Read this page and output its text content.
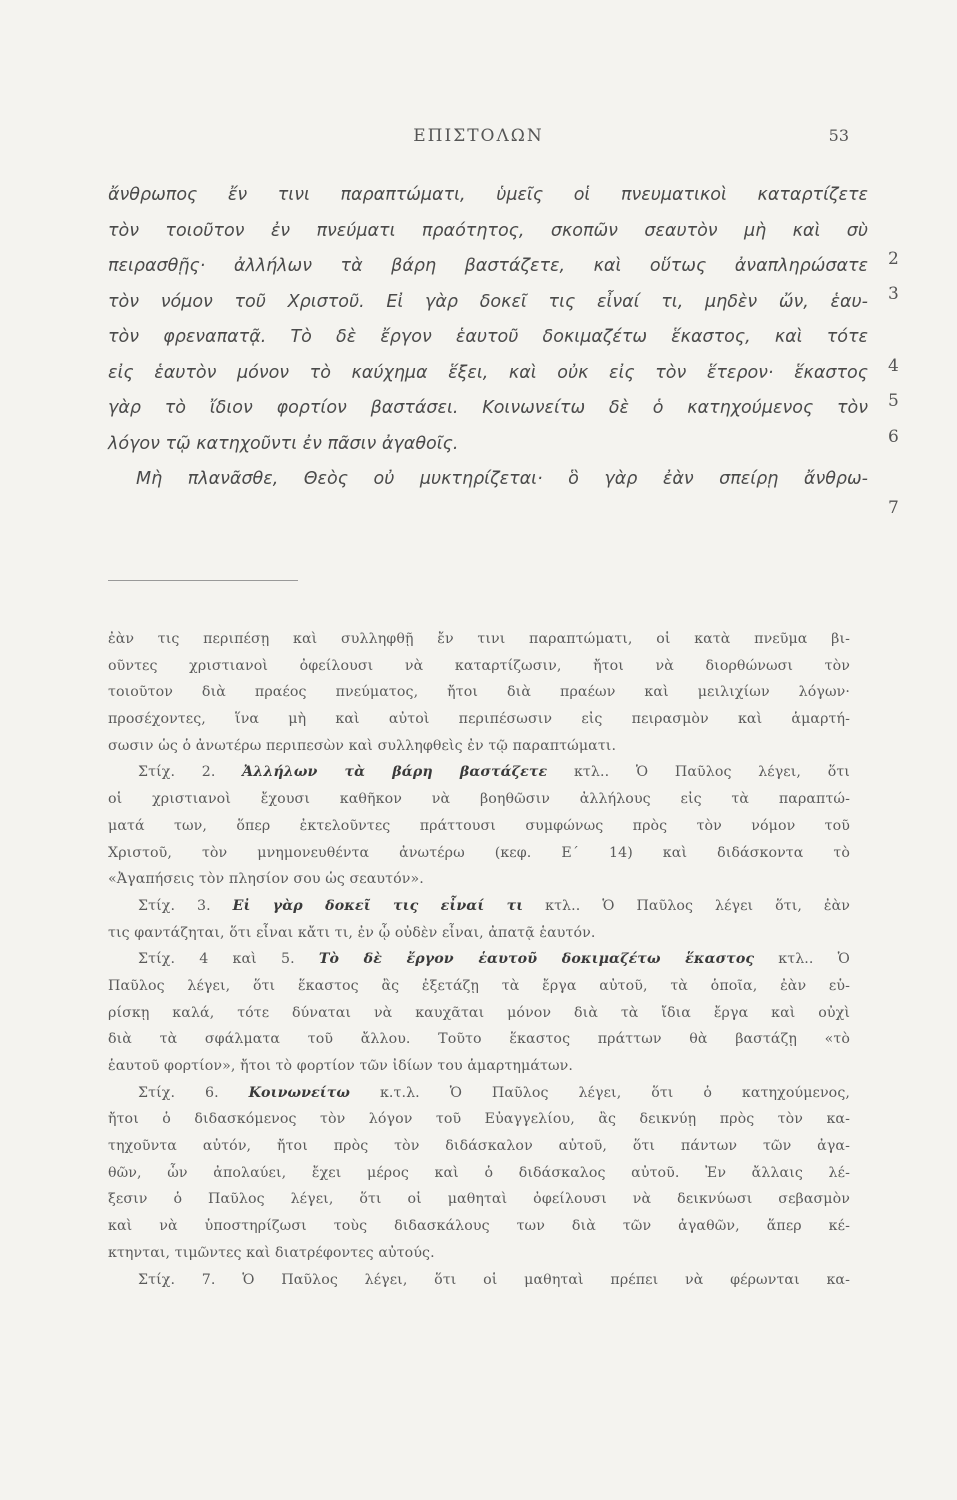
ΕΠΙΣΤΟΛΩΝ	53
ἄνθρωπος ἔν τινι παραπτώματι, ὑμεῖς οἱ πνευματικοὶ καταρτίζετε
τὸν τοιοῦτον ἐν πνεύματι πραότητος, σκοπῶν σεαυτὸν μὴ καὶ σὺ
πειρασθῇς· ἀλλήλων τὰ βάρη βαστάζετε, καὶ οὕτως ἀναπληρώσατε
τὸν νόμον τοῦ Χριστοῦ. Εἰ γὰρ δοκεῖ τις εἶναί τι, μηδὲν ὤν, ἑαυ-
τὸν φρεναπατᾷ. Τὸ δὲ ἔργον ἑαυτοῦ δοκιμαζέτω ἕκαστος, καὶ τότε
εἰς ἑαυτὸν μόνον τὸ καύχημα ἕξει, καὶ οὐκ εἰς τὸν ἕτερον· ἕκαστος
γὰρ τὸ ἴδιον φορτίον βαστάσει. Κοινωνείτω δὲ ὁ κατηχούμενος τὸν
λόγον τῷ κατηχοῦντι ἐν πᾶσιν ἀγαθοῖς.
Μὴ πλανᾶσθε, Θεὸς οὐ μυκτηρίζεται· ὃ γὰρ ἐὰν σπείρῃ ἄνθρω-
2
3
4
5
6
7
ἐὰν τις περιπέσῃ καὶ συλληφθῇ ἔν τινι παραπτώματι, οἱ κατὰ πνεῦμα βι-
οῦντες χριστιανοὶ ὀφείλουσι νὰ καταρτίζωσιν, ἤτοι νὰ διορθώνωσι τὸν
τοιοῦτον διὰ πραέος πνεύματος, ἤτοι διὰ πραέων καὶ μειλιχίων λόγων·
προσέχοντες, ἵνα μὴ καὶ αὐτοὶ περιπέσωσιν εἰς πειρασμὸν καὶ ἁμαρτή-
σωσιν ὡς ὁ ἀνωτέρω περιπεσὼν καὶ συλληφθεὶς ἐν τῷ παραπτώματι.
Στίχ. 2. Ἀλλήλων τὰ βάρη βαστάζετε κτλ.. Ὁ Παῦλος λέγει, ὅτι
οἱ χριστιανοὶ ἔχουσι καθῆκον νὰ βοηθῶσιν ἀλλήλους εἰς τὰ παραπτώ-
ματά των, ὅπερ ἐκτελοῦντες πράττουσι συμφώνως πρὸς τὸν νόμον τοῦ
Χριστοῦ, τὸν μνημονευθέντα ἀνωτέρω (κεφ. Ε΄ 14) καὶ διδάσκοντα τὸ
«Ἀγαπήσεις τὸν πλησίον σου ὡς σεαυτόν».
Στίχ. 3. Εἰ γὰρ δοκεῖ τις εἶναί τι κτλ.. Ὁ Παῦλος λέγει ὅτι, ἐὰν
τις φαντάζηται, ὅτι εἶναι κἄτι τι, ἐν ᾧ οὐδὲν εἶναι, ἀπατᾷ ἑαυτόν.
Στίχ. 4 καὶ 5. Τὸ δὲ ἔργον ἑαυτοῦ δοκιμαζέτω ἕκαστος κτλ.. Ὁ
Παῦλος λέγει, ὅτι ἕκαστος ἂς ἐξετάζῃ τὰ ἔργα αὐτοῦ, τὰ ὁποῖα, ἐὰν εὑ-
ρίσκῃ καλά, τότε δύναται νὰ καυχᾶται μόνον διὰ τὰ ἴδια ἔργα καὶ οὐχὶ
διὰ τὰ σφάλματα τοῦ ἄλλου. Τοῦτο ἕκαστος πράττων θὰ βαστάζῃ «τὸ
ἑαυτοῦ φορτίον», ἤτοι τὸ φορτίον τῶν ἰδίων του ἁμαρτημάτων.
Στίχ. 6. Κοινωνείτω κ.τ.λ. Ὁ Παῦλος λέγει, ὅτι ὁ κατηχούμενος,
ἤτοι ὁ διδασκόμενος τὸν λόγον τοῦ Εὐαγγελίου, ἂς δεικνύῃ πρὸς τὸν κα-
τηχοῦντα αὐτόν, ἤτοι πρὸς τὸν διδάσκαλον αὐτοῦ, ὅτι πάντων τῶν ἀγα-
θῶν, ὧν ἀπολαύει, ἔχει μέρος καὶ ὁ διδάσκαλος αὐτοῦ. Ἐν ἄλλαις λέ-
ξεσιν ὁ Παῦλος λέγει, ὅτι οἱ μαθηταὶ ὀφείλουσι νὰ δεικνύωσι σεβασμὸν
καὶ νὰ ὑποστηρίζωσι τοὺς διδασκάλους των διὰ τῶν ἀγαθῶν, ἅπερ κέ-
κτηνται, τιμῶντες καὶ διατρέφοντες αὐτούς.
Στίχ. 7. Ὁ Παῦλος λέγει, ὅτι οἱ μαθηταὶ πρέπει νὰ φέρωνται κα-
